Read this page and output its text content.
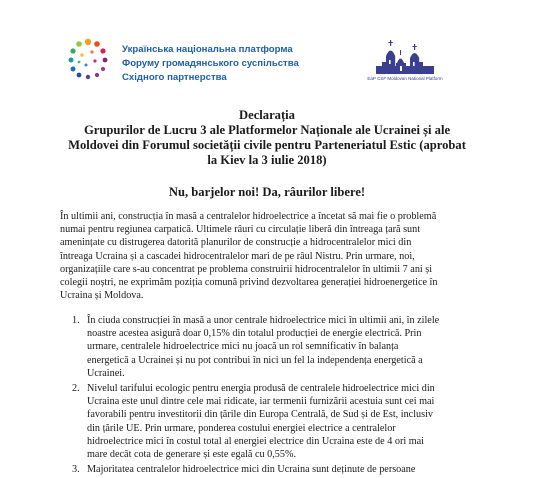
Українська національна платформа
Форуму громадянського суспільства
Східного партнерства	EaP CSF Moldovan National Platform
Declarația
Grupurilor de Lucru 3 ale Platformelor Naționale ale Ucrainei și ale
Moldovei din Forumul societății civile pentru Parteneriatul Estic (aprobat
la Kiev la 3 iulie 2018)
Nu, barjelor noi! Da, râurilor libere!
În ultimii ani, construcția în masă a centralelor hidroelectrice a încetat să mai fie o problemă
numai pentru regiunea carpatică. Ultimele râuri cu circulație liberă din întreaga țară sunt
amenințate cu distrugerea datorită planurilor de construcție a hidrocentralelor mici din
întreaga Ucraina și a cascadei hidrocentralelor mari de pe râul Nistru. Prin urmare, noi,
organizațiile care s-au concentrat pe problema construirii hidrocentralelor în ultimii 7 ani și
colegii noștri, ne exprimăm poziția comună privind dezvoltarea generației hidroenergetice în
Ucraina și Moldova.
1. În ciuda construcției în masă a unor centrale hidroelectrice mici în ultimii ani, în zilele
noastre acestea asigură doar 0,15% din totalul producției de energie electrică. Prin
urmare, centralele hidroelectrice mici nu joacă un rol semnificativ în balanța
energetică a Ucrainei și nu pot contribui în nici un fel la independența energetică a
Ucrainei.
2. Nivelul tarifului ecologic pentru energia produsă de centralele hidroelectrice mici din
Ucraina este unul dintre cele mai ridicate, iar termenii furnizării acestuia sunt cei mai
favorabili pentru investitorii din țările din Europa Centrală, de Sud și de Est, inclusiv
din țările UE. Prin urmare, ponderea costului energiei electrice a centralelor
hidroelectrice mici în costul total al energiei electrice din Ucraina este de 4 ori mai
mare decât cota de generare și este egală cu 0,55%.
3. Majoritatea centralelor hidroelectrice mici din Ucraina sunt deținute de persoane
